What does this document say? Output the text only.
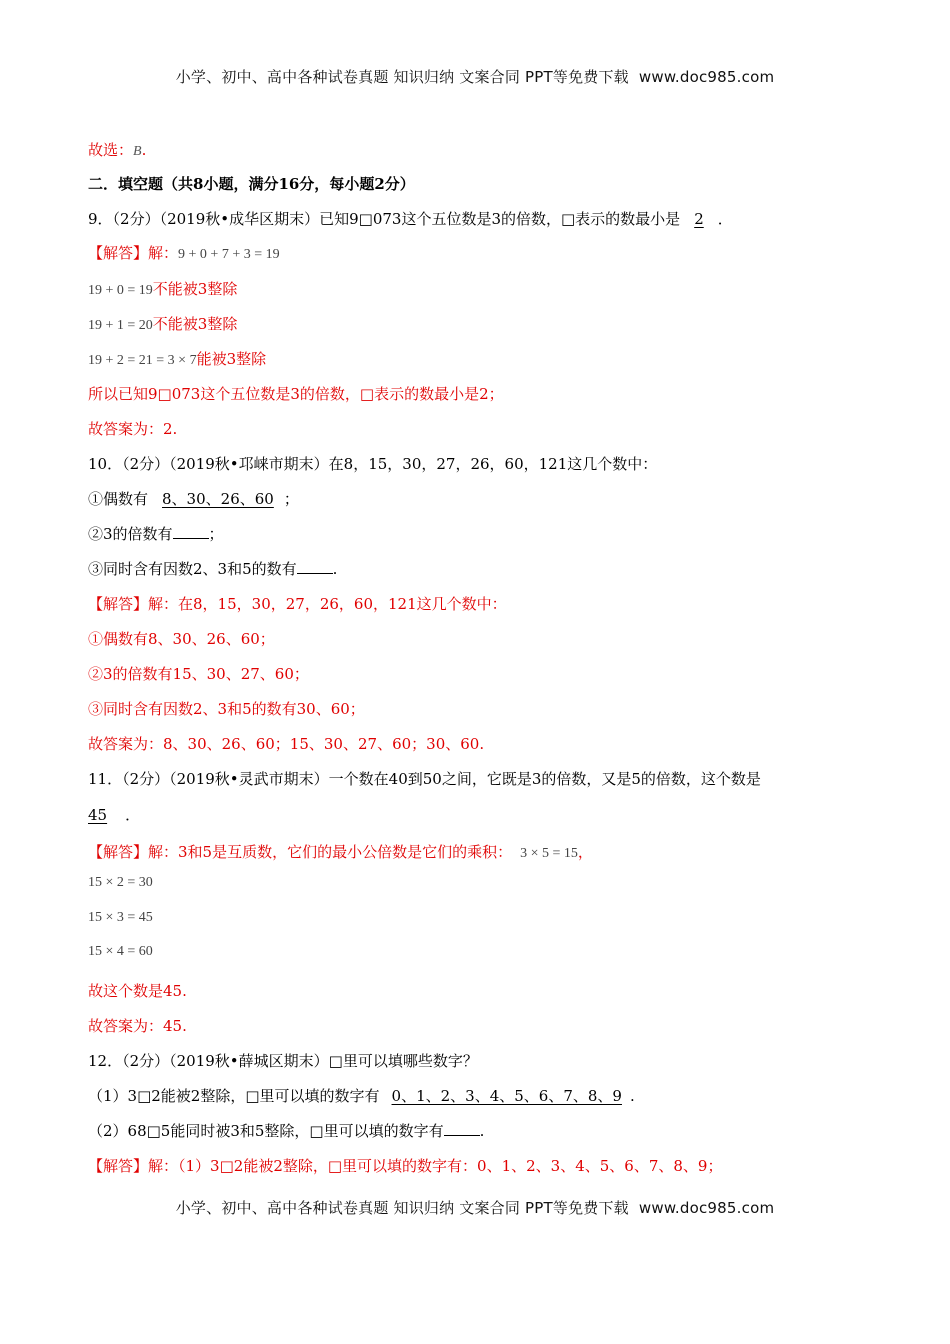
小学、初中、高中各种试卷真题 知识归纳 文案合同 PPT等免费下载 www.doc985.com
故选：B.
二．填空题（共8小题，满分16分，每小题2分）
9．（2分）（2019秋•成华区期末）已知9□073这个五位数是3的倍数，□表示的数最小是 2 ．
【解答】解：9 + 0 + 7 + 3 = 19
19 + 0 = 19不能被3整除
19 + 1 = 20不能被3整除
19 + 2 = 21 = 3 × 7能被3整除
所以已知9□073这个五位数是3的倍数，□表示的数最小是2；
故答案为：2.
10．（2分）（2019秋•邛崃市期末）在8，15，30，27，26，60，121这几个数中：
①偶数有 8、30、26、60 ；
②3的倍数有 ；
③同时含有因数2、3和5的数有 .
【解答】解：在8，15，30，27，26，60，121这几个数中：
①偶数有8、30、26、60；
②3的倍数有15、30、27、60；
③同时含有因数2、3和5的数有30、60；
故答案为：8、30、26、60；15、30、27、60；30、60.
11．（2分）（2019秋•灵武市期末）一个数在40到50之间，它既是3的倍数，又是5的倍数，这个数是
45 ．
【解答】解：3和5是互质数，它们的最小公倍数是它们的乘积： 3 × 5 = 15，
15 × 2 = 30
15 × 3 = 45
15 × 4 = 60
故这个数是45.
故答案为：45.
12．（2分）（2019秋•薛城区期末）□里可以填哪些数字？
（1）3□2能被2整除，□里可以填的数字有 0、1、2、3、4、5、6、7、8、9 .
（2）68□5能同时被3和5整除，□里可以填的数字有 .
【解答】解：（1）3□2能被2整除，□里可以填的数字有：0、1、2、3、4、5、6、7、8、9；
小学、初中、高中各种试卷真题 知识归纳 文案合同 PPT等免费下载 www.doc985.com
